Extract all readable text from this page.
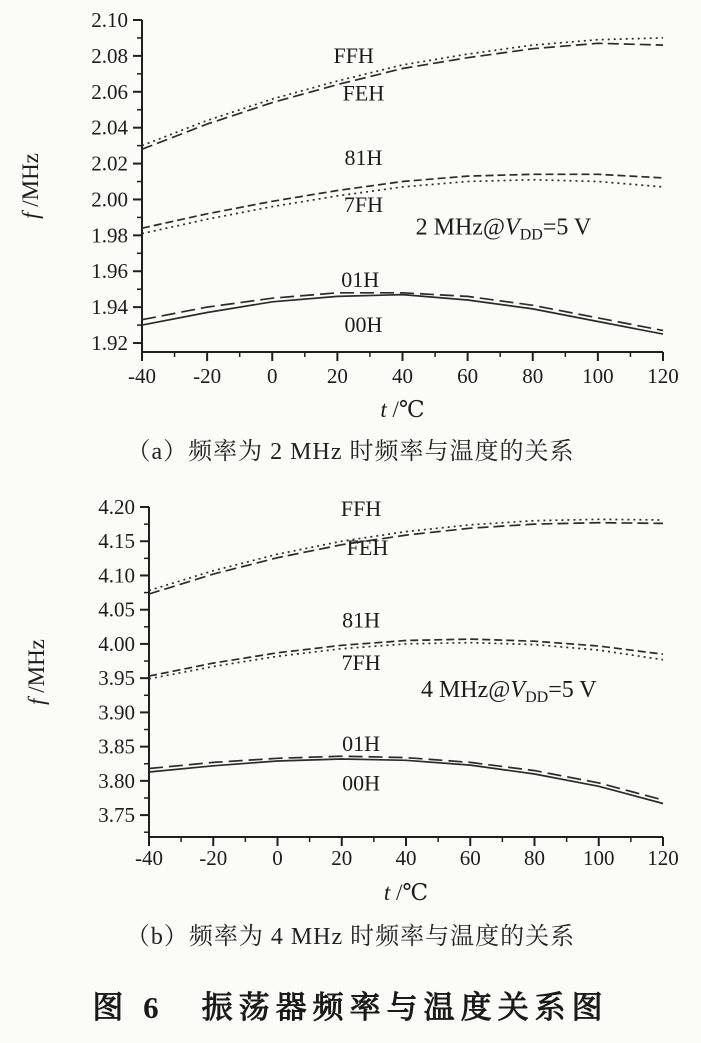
1.92
1.94
1.96
1.98
2.00
2.02
2.04
2.06
2.08
2.10
-40 -20 0 20 40 60 80 100 120
FFH
FEH
81H
7FH
01H
00H
2 $MHz@V_{DD}=5$ V
t /℃
f /MHz
（a）频率为 2 MHz 时频率与温度的关系
3.75
3.80
3.85
3.90
3.95
4.00
4.05
4.10
4.15
4.20
-40 -20 0 20 40 60 80 100 120
FFH
FEH
81H
7FH
01H
00H
4 $MHz@V_{DD}=5$ V
t /℃
f /MHz
（b）频率为 4 MHz 时频率与温度的关系
图 6　振荡器频率与温度关系图
